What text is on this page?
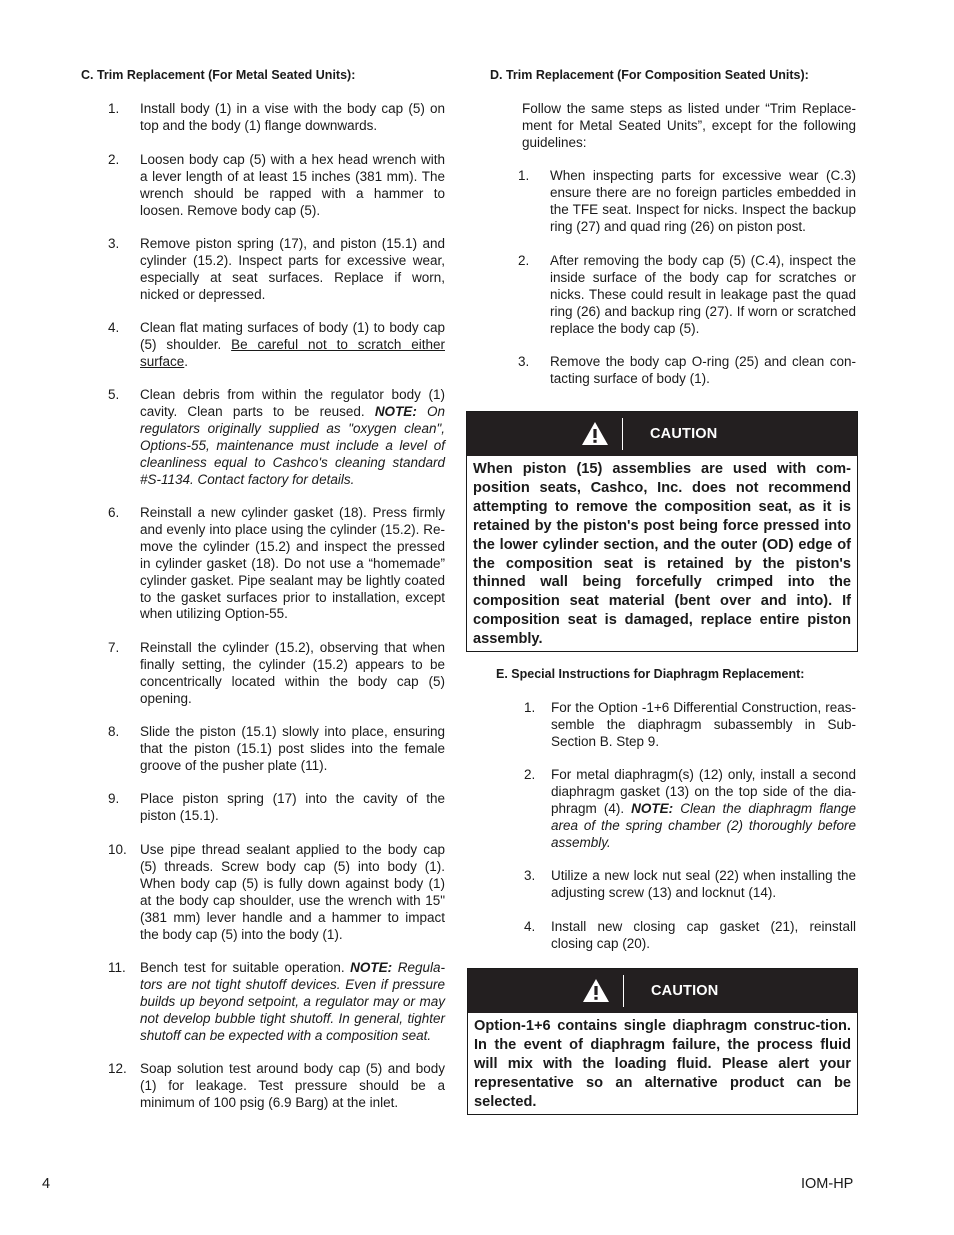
C. Trim Replacement (For Metal Seated Units):
1. Install body (1) in a vise with the body cap (5) on top and the body (1) flange downwards.
2. Loosen body cap (5) with a hex head wrench with a lever length of at least 15 inches (381 mm). The wrench should be rapped with a hammer to loosen. Remove body cap (5).
3. Remove piston spring (17), and piston (15.1) and cylinder (15.2). Inspect parts for excessive wear, especially at seat surfaces. Replace if worn, nicked or depressed.
4. Clean flat mating surfaces of body (1) to body cap (5) shoulder. Be careful not to scratch either surface.
5. Clean debris from within the regulator body (1) cavity. Clean parts to be reused. NOTE: On regulators originally supplied as "oxygen clean", Options-55, maintenance must include a level of cleanliness equal to Cashco's cleaning standard #S-1134. Contact factory for details.
6. Reinstall a new cylinder gasket (18). Press firmly and evenly into place using the cylinder (15.2). Re-move the cylinder (15.2) and inspect the pressed in cylinder gasket (18). Do not use a “homemade” cylinder gasket. Pipe sealant may be lightly coated to the gasket surfaces prior to installation, except when utilizing Option-55.
7. Reinstall the cylinder (15.2), observing that when finally setting, the cylinder (15.2) appears to be concentrically located within the body cap (5) opening.
8. Slide the piston (15.1) slowly into place, ensuring that the piston (15.1) post slides into the female groove of the pusher plate (11).
9. Place piston spring (17) into the cavity of the piston (15.1).
10. Use pipe thread sealant applied to the body cap (5) threads. Screw body cap (5) into body (1). When body cap (5) is fully down against body (1) at the body cap shoulder, use the wrench with 15" (381 mm) lever handle and a hammer to impact the body cap (5) into the body (1).
11. Bench test for suitable operation. NOTE: Regula-tors are not tight shutoff devices. Even if pressure builds up beyond setpoint, a regulator may or may not develop bubble tight shutoff. In general, tighter shutoff can be expected with a composition seat.
12. Soap solution test around body cap (5) and body (1) for leakage. Test pressure should be a minimum of 100 psig (6.9 Barg) at the inlet.
4
D. Trim Replacement (For Composition Seated Units):
Follow the same steps as listed under “Trim Replace-ment for Metal Seated Units”, except for the following guidelines:
1. When inspecting parts for excessive wear (C.3) ensure there are no foreign particles embedded in the TFE seat. Inspect for nicks. Inspect the backup ring (27) and quad ring (26) on piston post.
2. After removing the body cap (5) (C.4), inspect the inside surface of the body cap for scratches or nicks. These could result in leakage past the quad ring (26) and backup ring (27). If worn or scratched replace the body cap (5).
3. Remove the body cap O-ring (25) and clean con-tacting surface of body (1).
CAUTION
When piston (15) assemblies are used with com-position seats, Cashco, Inc. does not recommend attempting to remove the composition seat, as it is retained by the piston's post being force pressed into the lower cylinder section, and the outer (OD) edge of the composition seat is retained by the piston's thinned wall being forcefully crimped into the composition seat material (bent over and into). If composition seat is damaged, replace entire piston assembly.
E. Special Instructions for Diaphragm Replacement:
1. For the Option -1+6 Differential Construction, reas-semble the diaphragm subassembly in Sub-Section B. Step 9.
2. For metal diaphragm(s) (12) only, install a second diaphragm gasket (13) on the top side of the dia-phragm (4). NOTE: Clean the diaphragm flange area of the spring chamber (2) thoroughly before assembly.
3. Utilize a new lock nut seal (22) when installing the adjusting screw (13) and locknut (14).
4. Install new closing cap gasket (21), reinstall closing cap (20).
CAUTION
Option-1+6 contains single diaphragm construc-tion. In the event of diaphragm failure, the process fluid will mix with the loading fluid. Please alert your representative so an alternative product can be selected.
IOM-HP
